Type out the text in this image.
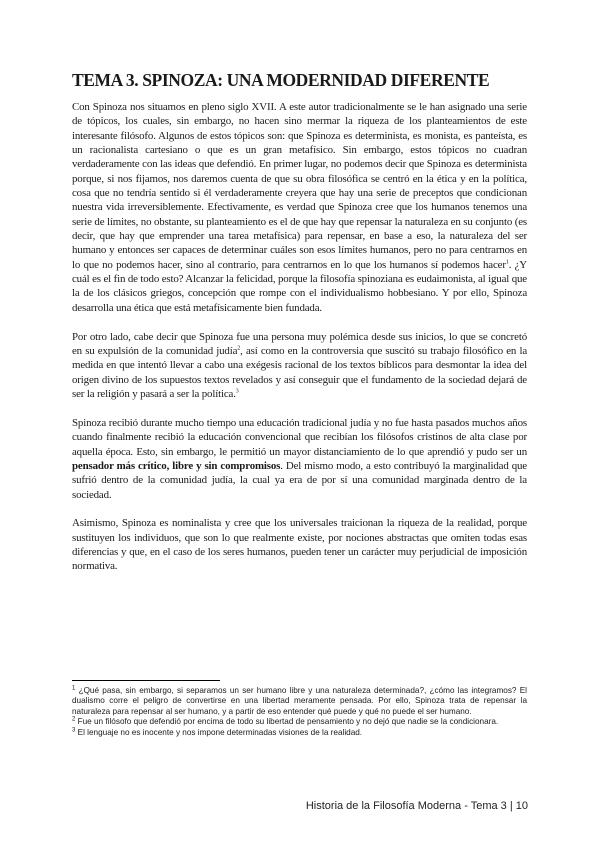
TEMA 3. SPINOZA: UNA MODERNIDAD DIFERENTE

Con Spinoza nos situamos en pleno siglo XVII. A este autor tradicionalmente se le han asignado una serie de tópicos, los cuales, sin embargo, no hacen sino mermar la riqueza de los planteamientos de este interesante filósofo. Algunos de estos tópicos son: que Spinoza es determinista, es monista, es panteísta, es un racionalista cartesiano o que es un gran metafísico. Sin embargo, estos tópicos no cuadran verdaderamente con las ideas que defendió. En primer lugar, no podemos decir que Spinoza es determinista porque, si nos fijamos, nos daremos cuenta de que su obra filosófica se centró en la ética y en la política, cosa que no tendría sentido si él verdaderamente creyera que hay una serie de preceptos que condicionan nuestra vida irreversiblemente. Efectivamente, es verdad que Spinoza cree que los humanos tenemos una serie de límites, no obstante, su planteamiento es el de que hay que repensar la naturaleza en su conjunto (es decir, que hay que emprender una tarea metafísica) para repensar, en base a eso, la naturaleza del ser humano y entonces ser capaces de determinar cuáles son esos límites humanos, pero no para centrarnos en lo que no podemos hacer, sino al contrario, para centrarnos en lo que los humanos sí podemos hacer$^1$. ¿Y cuál es el fin de todo esto? Alcanzar la felicidad, porque la filosofía spinoziana es eudaimonista, al igual que la de los clásicos griegos, concepción que rompe con el individualismo hobbesiano. Y por ello, Spinoza desarrolla una ética que está metafísicamente bien fundada.

Por otro lado, cabe decir que Spinoza fue una persona muy polémica desde sus inicios, lo que se concretó en su expulsión de la comunidad judía$^2$, así como en la controversia que suscitó su trabajo filosófico en la medida en que intentó llevar a cabo una exégesis racional de los textos bíblicos para desmontar la idea del origen divino de los supuestos textos revelados y así conseguir que el fundamento de la sociedad dejará de ser la religión y pasará a ser la política.$^3$

Spinoza recibió durante mucho tiempo una educación tradicional judía y no fue hasta pasados muchos años cuando finalmente recibió la educación convencional que recibían los filósofos cristinos de alta clase por aquella época. Esto, sin embargo, le permitió un mayor distanciamiento de lo que aprendió y pudo ser un pensador más crítico, libre y sin compromisos. Del mismo modo, a esto contribuyó la marginalidad que sufrió dentro de la comunidad judía, la cual ya era de por sí una comunidad marginada dentro de la sociedad.

Asimismo, Spinoza es nominalista y cree que los universales traicionan la riqueza de la realidad, porque sustituyen los individuos, que son lo que realmente existe, por nociones abstractas que omiten todas esas diferencias y que, en el caso de los seres humanos, pueden tener un carácter muy perjudicial de imposición normativa.

$^1$ ¿Qué pasa, sin embargo, si separamos un ser humano libre y una naturaleza determinada?, ¿cómo las integramos? El dualismo corre el peligro de convertirse en una libertad meramente pensada. Por ello, Spinoza trata de repensar la naturaleza para repensar al ser humano, y a partir de eso entender qué puede y qué no puede el ser humano.

$^2$ Fue un filósofo que defendió por encima de todo su libertad de pensamiento y no dejó que nadie se la condicionara.

$^3$ El lenguaje no es inocente y nos impone determinadas visiones de la realidad.

Historia de la Filosofía Moderna - Tema 3 | 10
